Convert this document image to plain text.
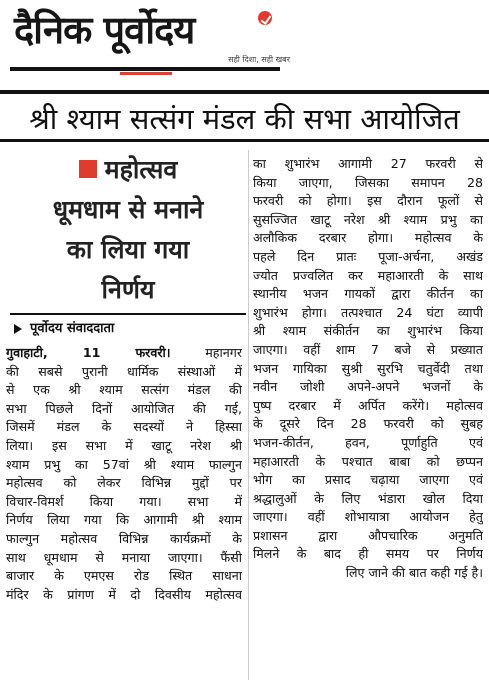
दैनिक पूर्वोदय
सही दिशा, सही खबर
श्री श्याम सत्संग मंडल की सभा आयोजित
महोत्सव
धूमधाम से मनाने
का लिया गया
निर्णय
पूर्वोदय संवाददाता
गुवाहाटी, 11 फरवरी।	महानगर
की सबसे पुरानी धार्मिक संस्थाओं में
से एक श्री श्याम सत्संग मंडल की
सभा पिछले दिनों आयोजित की गई,
जिसमें मंडल के सदस्यों ने हिस्सा
लिया। इस सभा में खाटू नरेश श्री
श्याम प्रभु का 57वां श्री श्याम फाल्गुन
महोत्सव को लेकर विभिन्न मुद्दों पर
विचार-विमर्श किया गया। सभा में
निर्णय लिया गया कि आगामी श्री श्याम
फाल्गुन महोत्सव विभिन्न कार्यक्रमों के
साथ धूमधाम से मनाया जाएगा। फैंसी
बाजार के एमएस रोड स्थित साधना
मंदिर के प्रांगण में दो दिवसीय महोत्सव
का शुभारंभ आगामी 27 फरवरी से
किया जाएगा, जिसका समापन 28
फरवरी को होगा। इस दौरान फूलों से
सुसज्जित खाटू नरेश श्री श्याम प्रभु का
अलौकिक दरबार होगा। महोत्सव के
पहले दिन प्रातः पूजा-अर्चना, अखंड
ज्योत प्रज्वलित कर महाआरती के साथ
स्थानीय भजन गायकों द्वारा कीर्तन का
शुभारंभ होगा। तत्पश्चात 24 घंटा व्यापी
श्री श्याम संकीर्तन का शुभारंभ किया
जाएगा। वहीं शाम 7 बजे से प्रख्यात
भजन गायिका सुश्री सुरभि चतुर्वेदी तथा
नवीन जोशी अपने-अपने भजनों के
पुष्प दरबार में अर्पित करेंगे। महोत्सव
के दूसरे दिन 28 फरवरी को सुबह
भजन-कीर्तन, हवन, पूर्णाहुति एवं
महाआरती के पश्चात बाबा को छप्पन
भोग का प्रसाद चढ़ाया जाएगा एवं
श्रद्धालुओं के लिए भंडारा खोल दिया
जाएगा। वहीं शोभायात्रा आयोजन हेतु
प्रशासन द्वारा औपचारिक अनुमति
मिलने के बाद ही समय पर निर्णय
लिए जाने की बात कही गई है।
